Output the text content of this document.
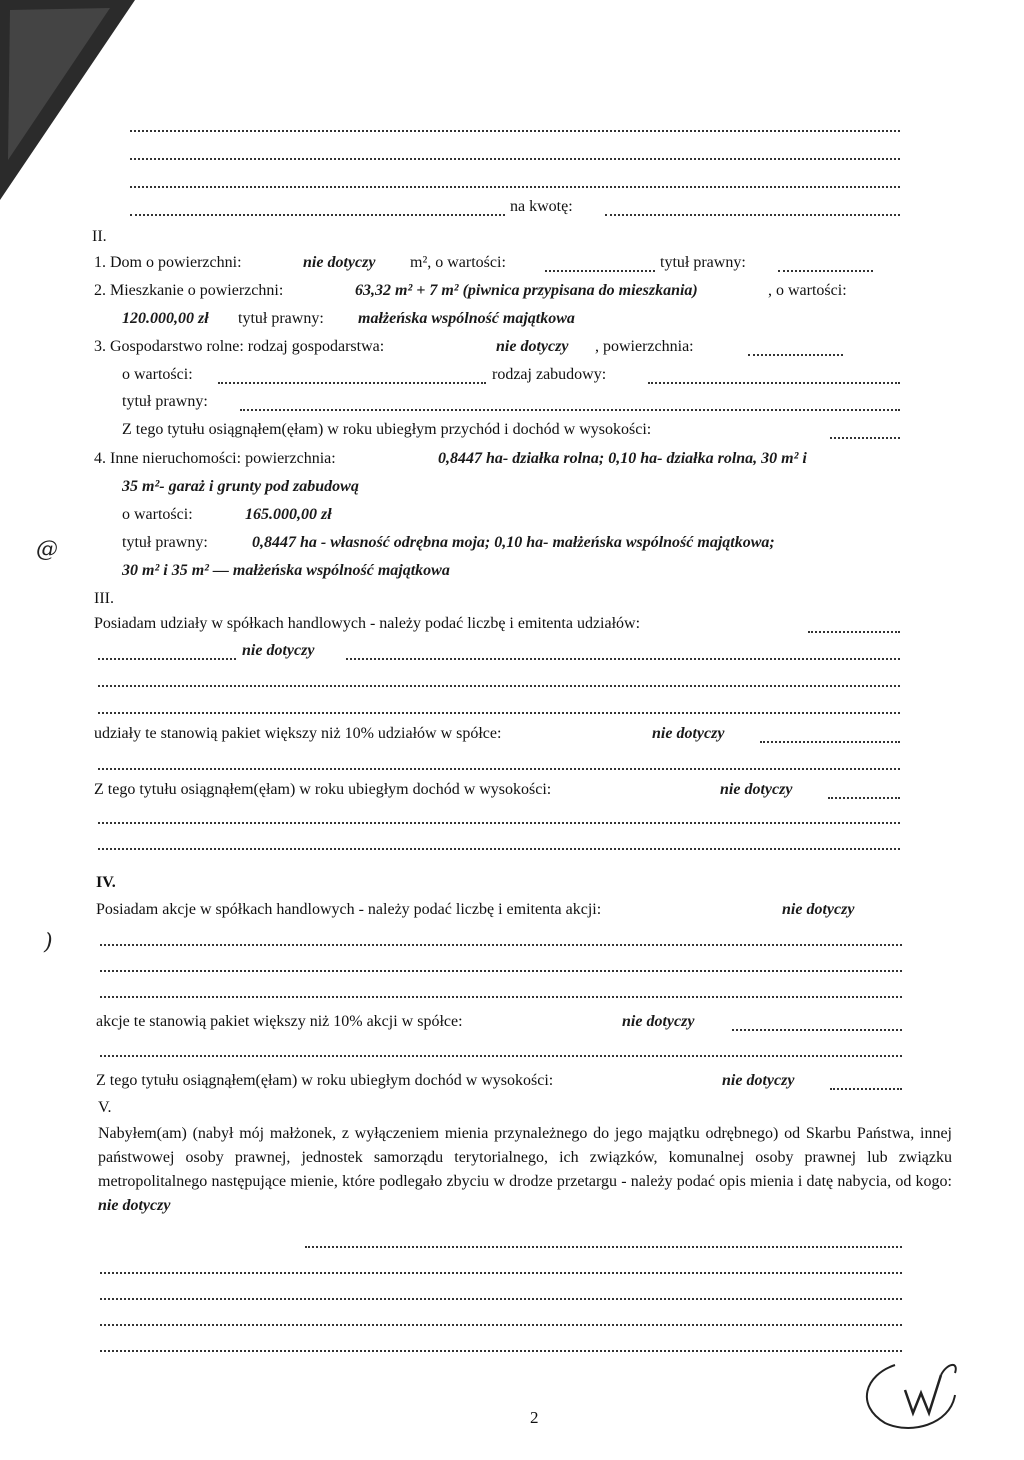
na kwotę:
II.
1. Dom o powierzchni:	nie dotyczy m², o wartości:	tytuł prawny:
2. Mieszkanie o powierzchni:	63,32 m² + 7 m² (piwnica przypisana do mieszkania)	, o wartości:
120.000,00 zł tytuł prawny: małżeńska wspólność majątkowa
3. Gospodarstwo rolne: rodzaj gospodarstwa:	nie dotyczy , powierzchnia:
o wartości:	rodzaj zabudowy:
tytuł prawny:
Z tego tytułu osiągnąłem(ęłam) w roku ubiegłym przychód i dochód w wysokości:
4. Inne nieruchomości: powierzchnia:	0,8447 ha- działka rolna; 0,10 ha- działka rolna, 30 m² i
35 m²- garaż i grunty pod zabudową
o wartości:	165.000,00 zł
tytuł prawny:	0,8447 ha - własność odrębna moja; 0,10 ha- małżeńska wspólność majątkowa;
30 m² i 35 m² — małżeńska wspólność majątkowa
@
III.
Posiadam udziały w spółkach handlowych - należy podać liczbę i emitenta udziałów:
nie dotyczy
udziały te stanowią pakiet większy niż 10% udziałów w spółce:	nie dotyczy
Z tego tytułu osiągnąłem(ęłam) w roku ubiegłym dochód w wysokości:	nie dotyczy
IV.
Posiadam akcje w spółkach handlowych - należy podać liczbę i emitenta akcji:	nie dotyczy
akcje te stanowią pakiet większy niż 10% akcji w spółce:	nie dotyczy
Z tego tytułu osiągnąłem(ęłam) w roku ubiegłym dochód w wysokości:	nie dotyczy
)
V.
Nabyłem(am) (nabył mój małżonek, z wyłączeniem mienia przynależnego do jego majątku odrębnego) od Skarbu Państwa, innej państwowej osoby prawnej, jednostek samorządu terytorialnego, ich związków, komunalnej osoby prawnej lub związku metropolitalnego następujące mienie, które podlegało zbyciu w drodze przetargu - należy podać opis mienia i datę nabycia, od kogo: nie dotyczy
2
